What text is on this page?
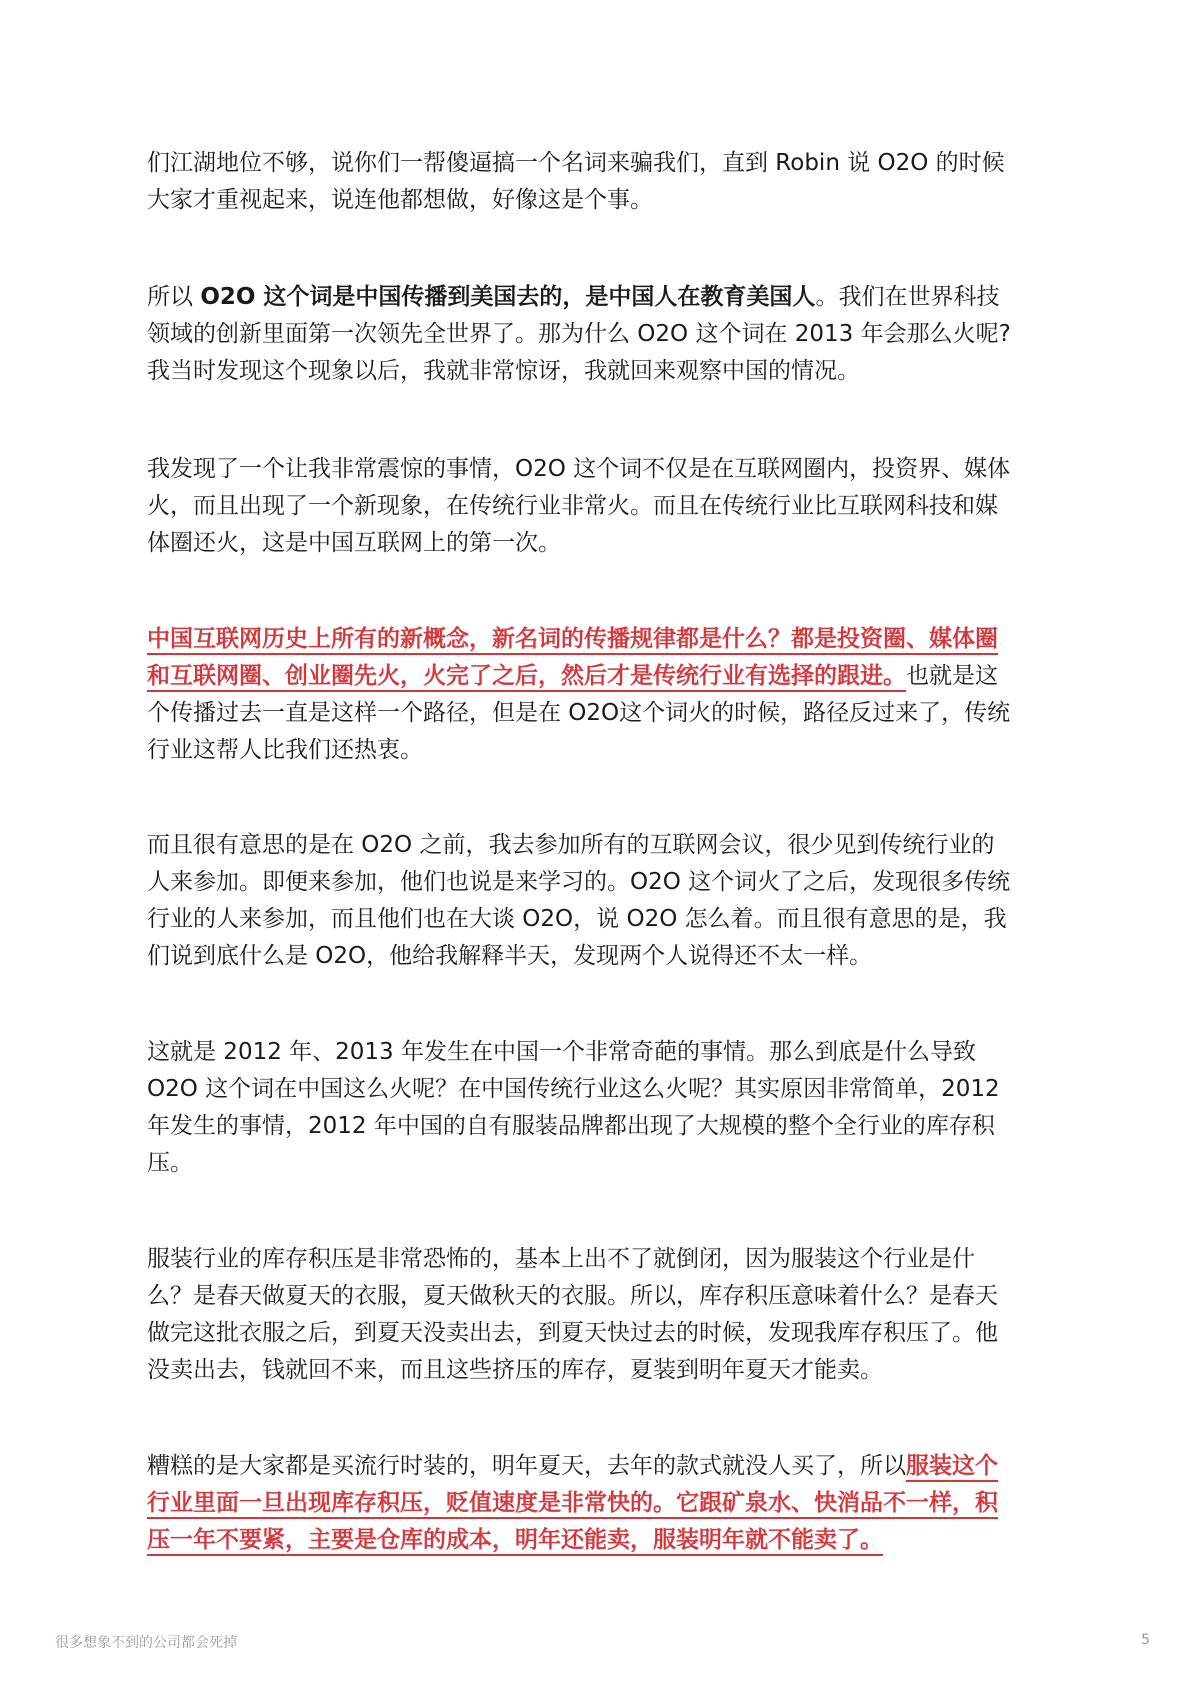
们江湖地位不够，说你们一帮傻逼搞一个名词来骗我们，直到 Robin 说 O2O 的时候
大家才重视起来，说连他都想做，好像这是个事。
所以 O2O 这个词是中国传播到美国去的，是中国人在教育美国人。我们在世界科技
领域的创新里面第一次领先全世界了。那为什么 O2O 这个词在 2013 年会那么火呢?
我当时发现这个现象以后，我就非常惊讶，我就回来观察中国的情况。
我发现了一个让我非常震惊的事情，O2O 这个词不仅是在互联网圈内，投资界、媒体
火，而且出现了一个新现象，在传统行业非常火。而且在传统行业比互联网科技和媒
体圈还火，这是中国互联网上的第一次。
中国互联网历史上所有的新概念，新名词的传播规律都是什么？都是投资圈、媒体圈
和互联网圈、创业圈先火，火完了之后，然后才是传统行业有选择的跟进。也就是这
个传播过去一直是这样一个路径，但是在 O2O这个词火的时候，路径反过来了，传统
行业这帮人比我们还热衷。
而且很有意思的是在 O2O 之前，我去参加所有的互联网会议，很少见到传统行业的
人来参加。即便来参加，他们也说是来学习的。O2O 这个词火了之后，发现很多传统
行业的人来参加，而且他们也在大谈 O2O，说 O2O 怎么着。而且很有意思的是，我
们说到底什么是 O2O，他给我解释半天，发现两个人说得还不太一样。
这就是 2012 年、2013 年发生在中国一个非常奇葩的事情。那么到底是什么导致
O2O 这个词在中国这么火呢？在中国传统行业这么火呢？其实原因非常简单，2012
年发生的事情，2012 年中国的自有服装品牌都出现了大规模的整个全行业的库存积
压。
服装行业的库存积压是非常恐怖的，基本上出不了就倒闭，因为服装这个行业是什
么？是春天做夏天的衣服，夏天做秋天的衣服。所以，库存积压意味着什么？是春天
做完这批衣服之后，到夏天没卖出去，到夏天快过去的时候，发现我库存积压了。他
没卖出去，钱就回不来，而且这些挤压的库存，夏装到明年夏天才能卖。
糟糕的是大家都是买流行时装的，明年夏天，去年的款式就没人买了，所以服装这个
行业里面一旦出现库存积压，贬值速度是非常快的。它跟矿泉水、快消品不一样，积
压一年不要紧，主要是仓库的成本，明年还能卖，服装明年就不能卖了。
很多想象不到的公司都会死掉	5
